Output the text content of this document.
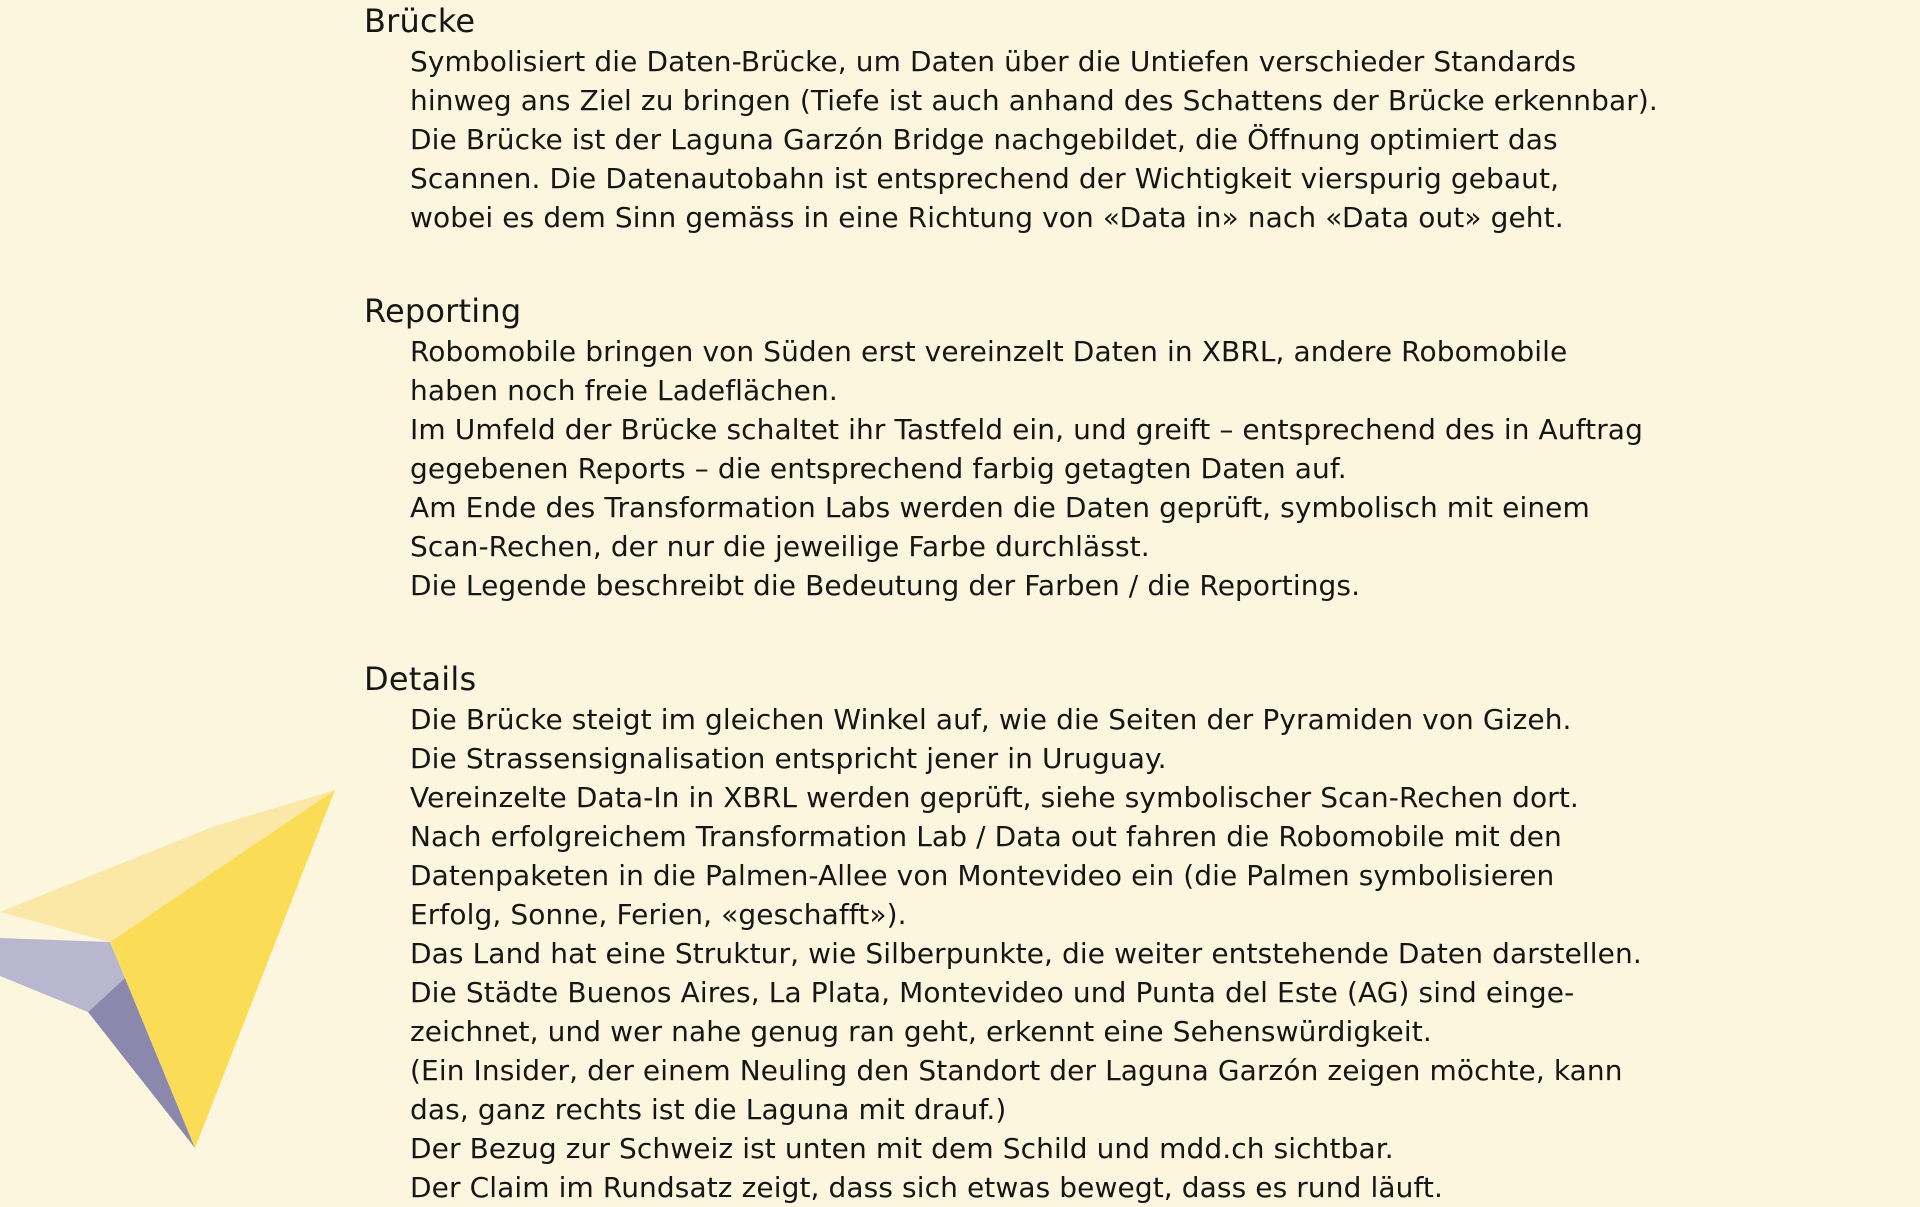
Brücke

Symbolisiert die Daten-Brücke, um Daten über die Untiefen verschieder Standards

hinweg ans Ziel zu bringen (Tiefe ist auch anhand des Schattens der Brücke erkennbar).

Die Brücke ist der Laguna Garzón Bridge nachgebildet, die Öffnung optimiert das

Scannen. Die Datenautobahn ist entsprechend der Wichtigkeit vierspurig gebaut,

wobei es dem Sinn gemäss in eine Richtung von «Data in» nach «Data out» geht.

Reporting

Robomobile bringen von Süden erst vereinzelt Daten in XBRL, andere Robomobile

haben noch freie Ladeflächen.

Im Umfeld der Brücke schaltet ihr Tastfeld ein, und greift – entsprechend des in Auftrag

gegebenen Reports – die entsprechend farbig getagten Daten auf.

Am Ende des Transformation Labs werden die Daten geprüft, symbolisch mit einem

Scan-Rechen, der nur die jeweilige Farbe durchlässt.

Die Legende beschreibt die Bedeutung der Farben / die Reportings.

Details

Die Brücke steigt im gleichen Winkel auf, wie die Seiten der Pyramiden von Gizeh.

Die Strassensignalisation entspricht jener in Uruguay.

Vereinzelte Data-In in XBRL werden geprüft, siehe symbolischer Scan-Rechen dort.

Nach erfolgreichem Transformation Lab / Data out fahren die Robomobile mit den

Datenpaketen in die Palmen-Allee von Montevideo ein (die Palmen symbolisieren

Erfolg, Sonne, Ferien, «geschafft»).

Das Land hat eine Struktur, wie Silberpunkte, die weiter entstehende Daten darstellen.

Die Städte Buenos Aires, La Plata, Montevideo und Punta del Este (AG) sind einge-

zeichnet, und wer nahe genug ran geht, erkennt eine Sehenswürdigkeit.

(Ein Insider, der einem Neuling den Standort der Laguna Garzón zeigen möchte, kann

das, ganz rechts ist die Laguna mit drauf.)

Der Bezug zur Schweiz ist unten mit dem Schild und mdd.ch sichtbar.

Der Claim im Rundsatz zeigt, dass sich etwas bewegt, dass es rund läuft.
